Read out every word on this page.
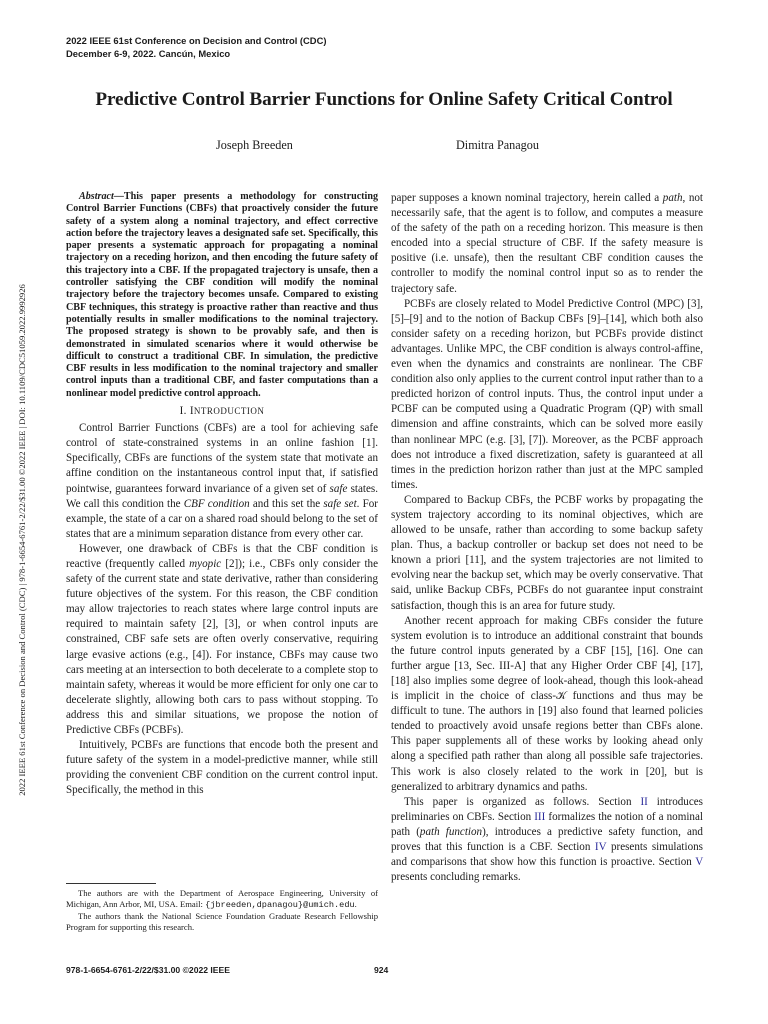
2022 IEEE 61st Conference on Decision and Control (CDC)
December 6-9, 2022. Cancún, Mexico
Predictive Control Barrier Functions for Online Safety Critical Control
Joseph Breeden	Dimitra Panagou
2022 IEEE 61st Conference on Decision and Control (CDC) | 978-1-6654-6761-2/22/$31.00 ©2022 IEEE | DOI: 10.1109/CDC51059.2022.9992926

Abstract—This paper presents a methodology for constructing Control Barrier Functions (CBFs) that proactively consider the future safety of a system along a nominal trajectory, and effect corrective action before the trajectory leaves a designated safe set. Specifically, this paper presents a systematic approach for propagating a nominal trajectory on a receding horizon, and then encoding the future safety of this trajectory into a CBF. If the propagated trajectory is unsafe, then a controller satisfying the CBF condition will modify the nominal trajectory before the trajectory becomes unsafe. Compared to existing CBF techniques, this strategy is proactive rather than reactive and thus potentially results in smaller modifications to the nominal trajectory. The proposed strategy is shown to be provably safe, and then is demonstrated in simulated scenarios where it would otherwise be difficult to construct a traditional CBF. In simulation, the predictive CBF results in less modification to the nominal trajectory and smaller control inputs than a traditional CBF, and faster computations than a nonlinear model predictive control approach.

I. INTRODUCTION

Control Barrier Functions (CBFs) are a tool for achieving safe control of state-constrained systems in an online fashion [1]. Specifically, CBFs are functions of the system state that motivate an affine condition on the instantaneous control input that, if satisfied pointwise, guarantees forward invariance of a given set of safe states. We call this condition the CBF condition and this set the safe set. For example, the state of a car on a shared road should belong to the set of states that are a minimum separation distance from every other car.

However, one drawback of CBFs is that the CBF condition is reactive (frequently called myopic [2]); i.e., CBFs only consider the safety of the current state and state derivative, rather than considering future objectives of the system. For this reason, the CBF condition may allow trajectories to reach states where large control inputs are required to maintain safety [2], [3], or when control inputs are constrained, CBF safe sets are often overly conservative, requiring large evasive actions (e.g., [4]). For instance, CBFs may cause two cars meeting at an intersection to both decelerate to a complete stop to maintain safety, whereas it would be more efficient for only one car to decelerate slightly, allowing both cars to pass without stopping. To address this and similar situations, we propose the notion of Predictive CBFs (PCBFs).

Intuitively, PCBFs are functions that encode both the present and future safety of the system in a model-predictive manner, while still providing the convenient CBF condition on the current control input. Specifically, the method in this

The authors are with the Department of Aerospace Engineering, University of Michigan, Ann Arbor, MI, USA. Email: {jbreeden,dpanagou}@umich.edu.

The authors thank the National Science Foundation Graduate Research Fellowship Program for supporting this research.

paper supposes a known nominal trajectory, herein called a path, not necessarily safe, that the agent is to follow, and computes a measure of the safety of the path on a receding horizon. This measure is then encoded into a special structure of CBF. If the safety measure is positive (i.e. unsafe), then the resultant CBF condition causes the controller to modify the nominal control input so as to render the trajectory safe.

PCBFs are closely related to Model Predictive Control (MPC) [3], [5]–[9] and to the notion of Backup CBFs [9]–[14], which both also consider safety on a receding horizon, but PCBFs provide distinct advantages. Unlike MPC, the CBF condition is always control-affine, even when the dynamics and constraints are nonlinear. The CBF condition also only applies to the current control input rather than to a predicted horizon of control inputs. Thus, the control input under a PCBF can be computed using a Quadratic Program (QP) with small dimension and affine constraints, which can be solved more easily than nonlinear MPC (e.g. [3], [7]). Moreover, as the PCBF approach does not introduce a fixed discretization, safety is guaranteed at all times in the prediction horizon rather than just at the MPC sampled times.

Compared to Backup CBFs, the PCBF works by propagating the system trajectory according to its nominal objectives, which are allowed to be unsafe, rather than according to some backup safety plan. Thus, a backup controller or backup set does not need to be known a priori [11], and the system trajectories are not limited to evolving near the backup set, which may be overly conservative. That said, unlike Backup CBFs, PCBFs do not guarantee input constraint satisfaction, though this is an area for future study.

Another recent approach for making CBFs consider the future system evolution is to introduce an additional constraint that bounds the future control inputs generated by a CBF [15], [16]. One can further argue [13, Sec. III-A] that any Higher Order CBF [4], [17], [18] also implies some degree of look-ahead, though this look-ahead is implicit in the choice of class-𝒦 functions and thus may be difficult to tune. The authors in [19] also found that learned policies tended to proactively avoid unsafe regions better than CBFs alone. This paper supplements all of these works by looking ahead only along a specified path rather than along all possible safe trajectories. This work is also closely related to the work in [20], but is generalized to arbitrary dynamics and paths.

This paper is organized as follows. Section II introduces preliminaries on CBFs. Section III formalizes the notion of a nominal path (path function), introduces a predictive safety function, and proves that this function is a CBF. Section IV presents simulations and comparisons that show how this function is proactive. Section V presents concluding remarks.

978-1-6654-6761-2/22/$31.00 ©2022 IEEE	924
